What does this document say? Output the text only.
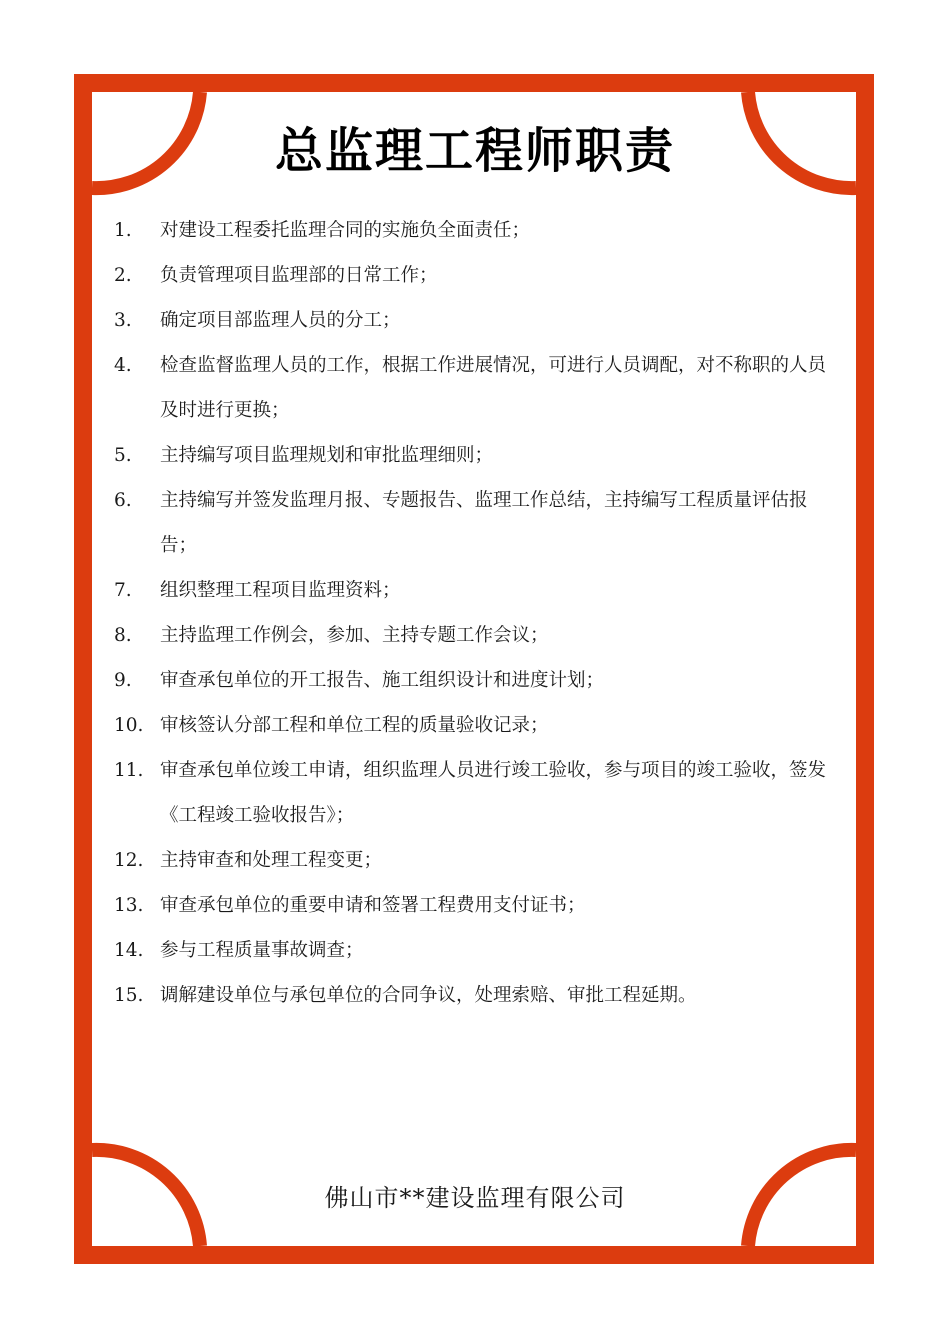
总监理工程师职责
1.	对建设工程委托监理合同的实施负全面责任；
2.	负责管理项目监理部的日常工作；
3.	确定项目部监理人员的分工；
4.	检查监督监理人员的工作，根据工作进展情况，可进行人员调配，对不称职的人员及时进行更换；
5.	主持编写项目监理规划和审批监理细则；
6.	主持编写并签发监理月报、专题报告、监理工作总结，主持编写工程质量评估报告；
7.	组织整理工程项目监理资料；
8.	主持监理工作例会，参加、主持专题工作会议；
9.	审查承包单位的开工报告、施工组织设计和进度计划；
10. 审核签认分部工程和单位工程的质量验收记录；
11. 审查承包单位竣工申请，组织监理人员进行竣工验收，参与项目的竣工验收，签发《工程竣工验收报告》；
12. 主持审查和处理工程变更；
13. 审查承包单位的重要申请和签署工程费用支付证书；
14. 参与工程质量事故调查；
15. 调解建设单位与承包单位的合同争议，处理索赔、审批工程延期。
佛山市**建设监理有限公司
